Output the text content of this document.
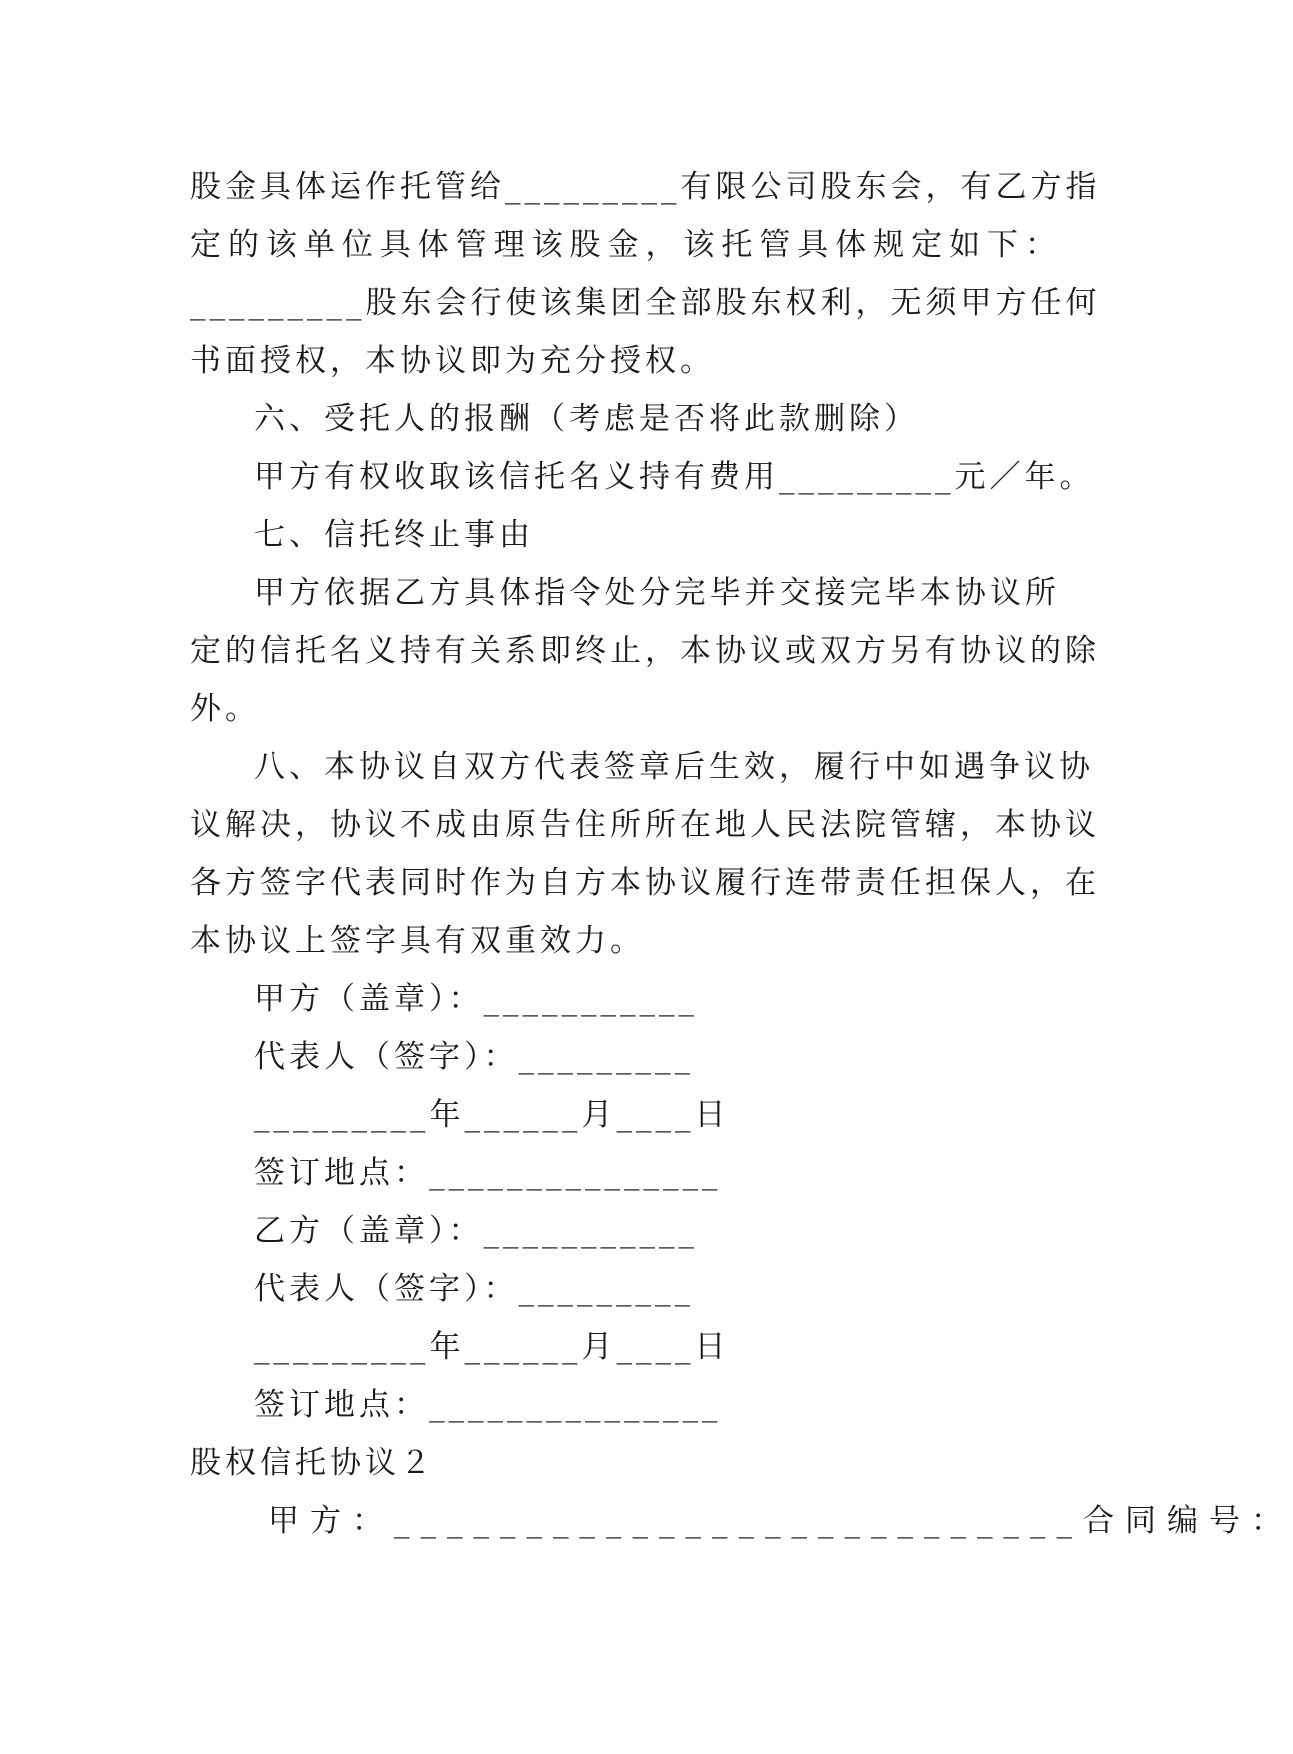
股金具体运作托管给_________有限公司股东会，有乙方指
定的该单位具体管理该股金，该托管具体规定如下：
_________股东会行使该集团全部股东权利，无须甲方任何
书面授权，本协议即为充分授权。
六、受托人的报酬（考虑是否将此款删除）
甲方有权收取该信托名义持有费用_________元／年。
七、信托终止事由
甲方依据乙方具体指令处分完毕并交接完毕本协议所
定的信托名义持有关系即终止，本协议或双方另有协议的除
外。
八、本协议自双方代表签章后生效，履行中如遇争议协
议解决，协议不成由原告住所所在地人民法院管辖，本协议
各方签字代表同时作为自方本协议履行连带责任担保人，在
本协议上签字具有双重效力。
甲方（盖章）：___________
代表人（签字）：_________
_________年______月____日
签订地点：_______________
乙方（盖章）：___________
代表人（签字）：_________
_________年______月____日
签订地点：_______________
股权信托协议２
甲方：__________________________合同编号：
